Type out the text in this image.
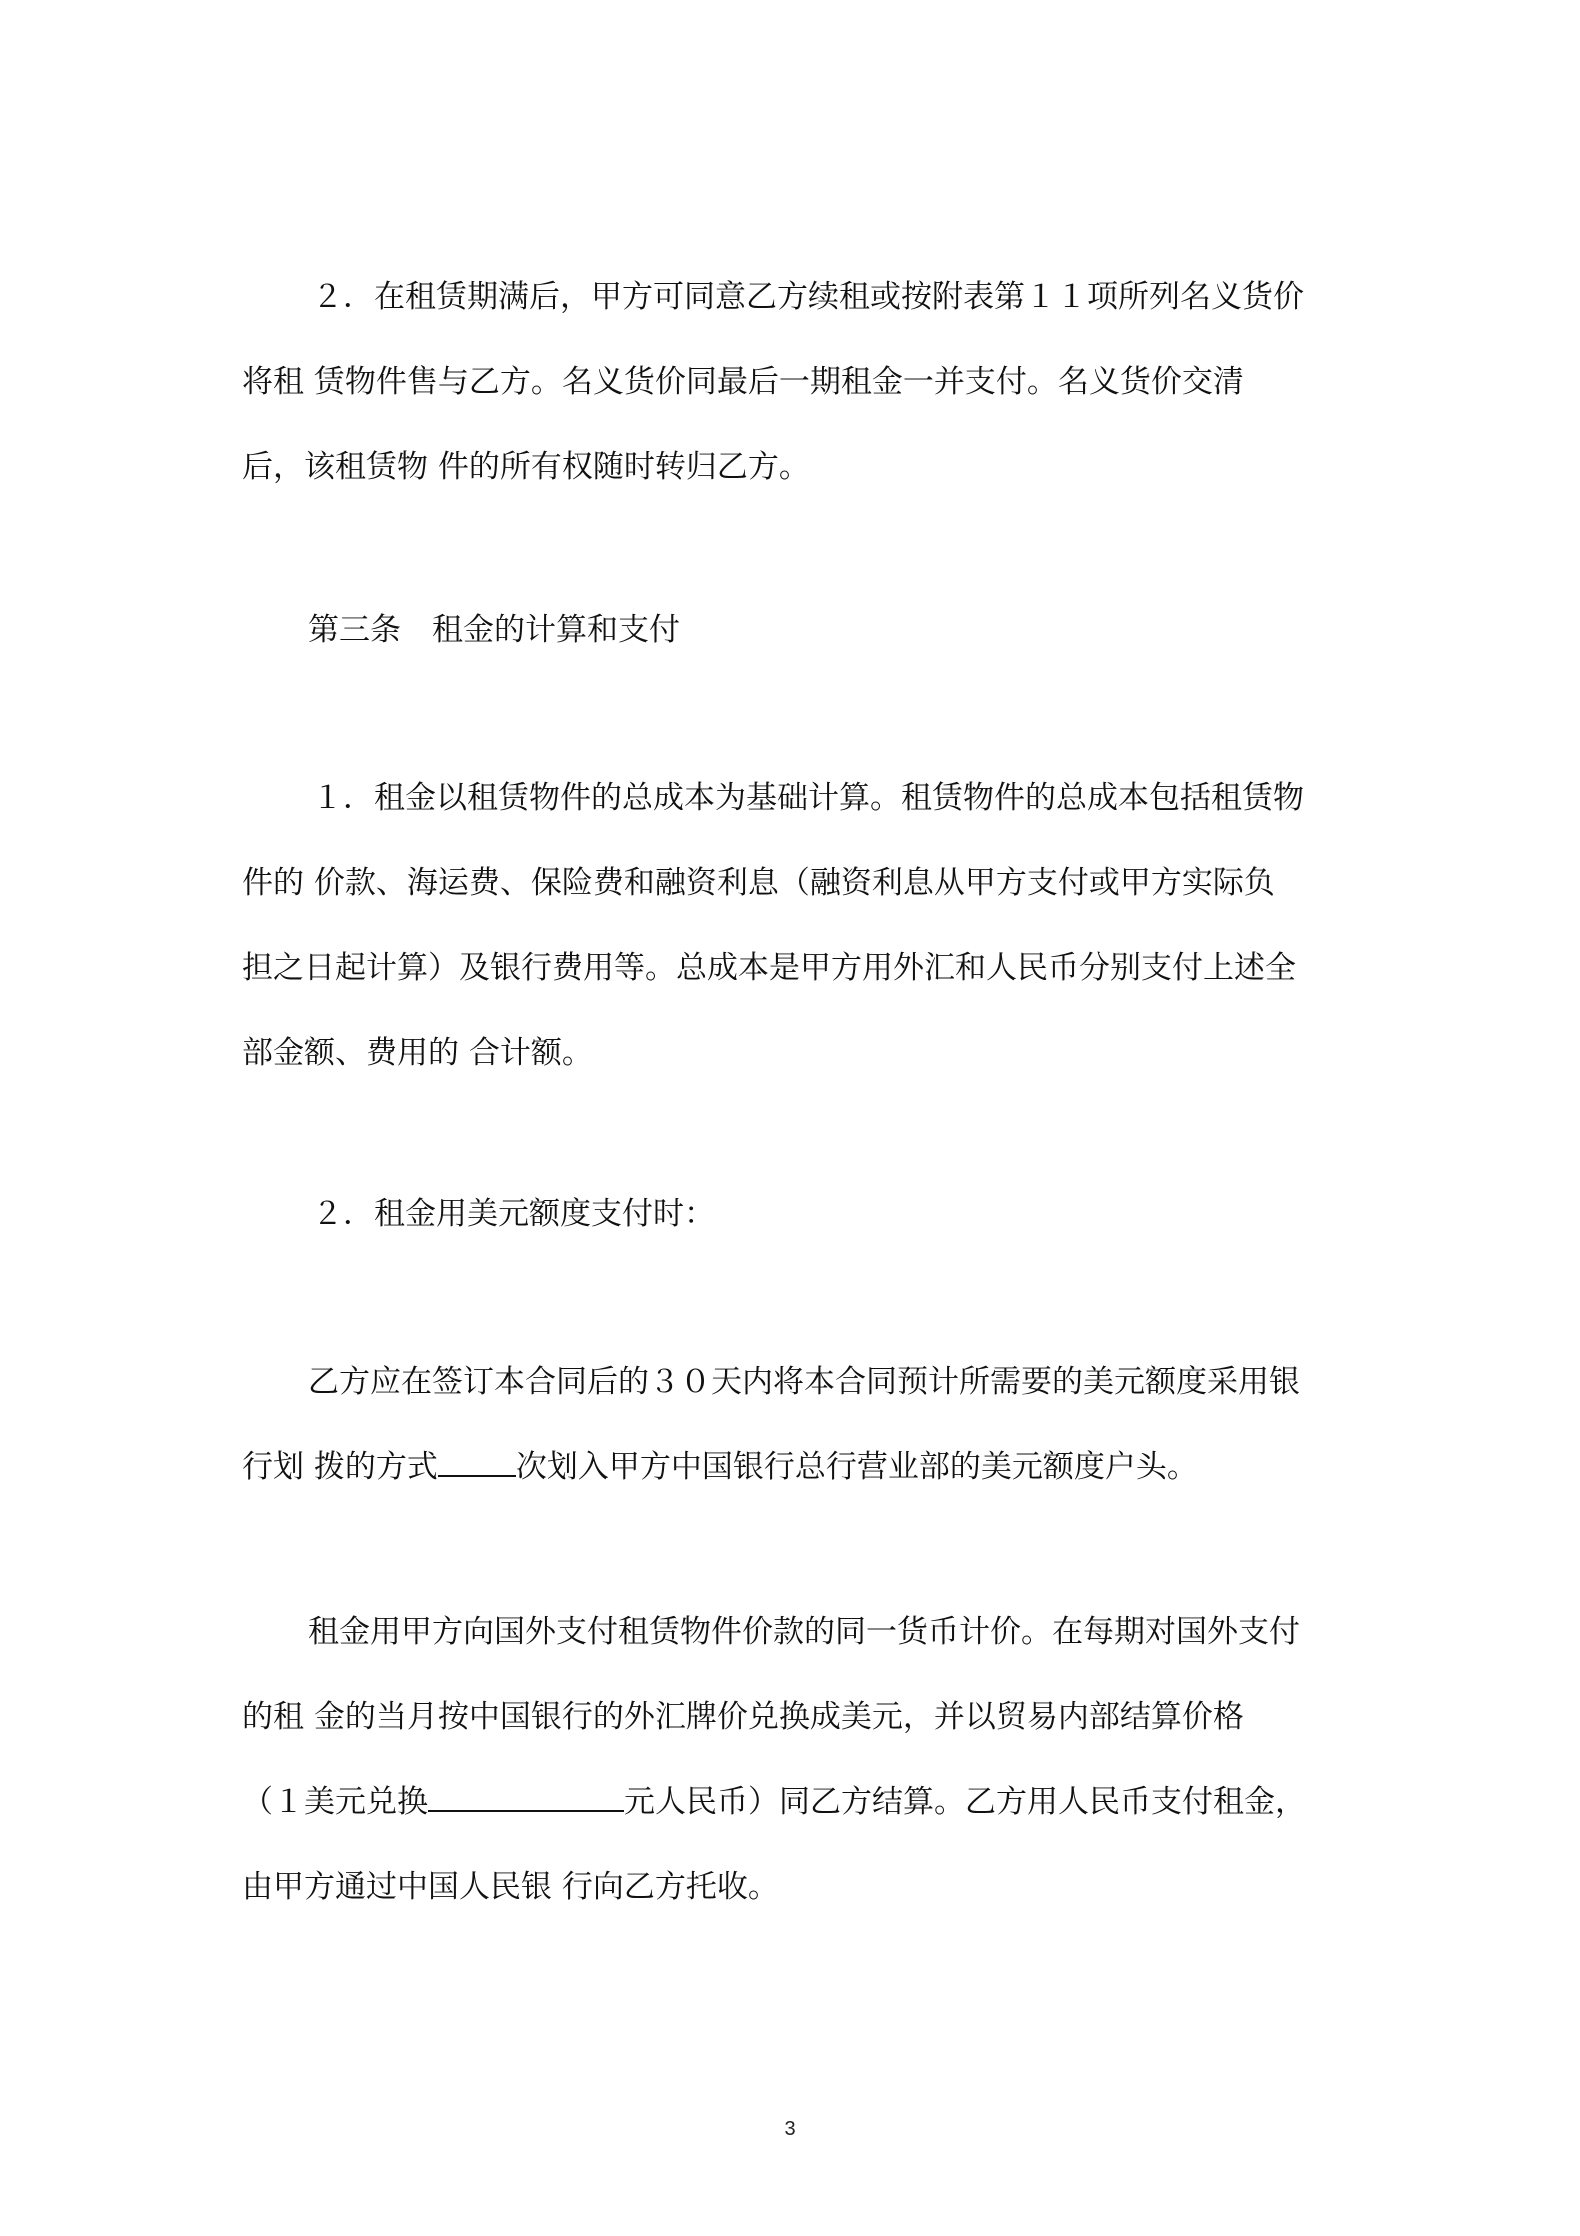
２．在租赁期满后，甲方可同意乙方续租或按附表第１１项所列名义货价
将租 赁物件售与乙方。名义货价同最后一期租金一并支付。名义货价交清
后，该租赁物 件的所有权随时转归乙方。
第三条　租金的计算和支付
１．租金以租赁物件的总成本为基础计算。租赁物件的总成本包括租赁物
件的 价款、海运费、保险费和融资利息（融资利息从甲方支付或甲方实际负
担之日起计算）及银行费用等。总成本是甲方用外汇和人民币分别支付上述全
部金额、费用的 合计额。
２．租金用美元额度支付时：
乙方应在签订本合同后的３０天内将本合同预计所需要的美元额度采用银
行划 拨的方式	次划入甲方中国银行总行营业部的美元额度户头。
租金用甲方向国外支付租赁物件价款的同一货币计价。在每期对国外支付
的租 金的当月按中国银行的外汇牌价兑换成美元，并以贸易内部结算价格
（１美元兑换	元人民币）同乙方结算。乙方用人民币支付租金，
由甲方通过中国人民银 行向乙方托收。
3
